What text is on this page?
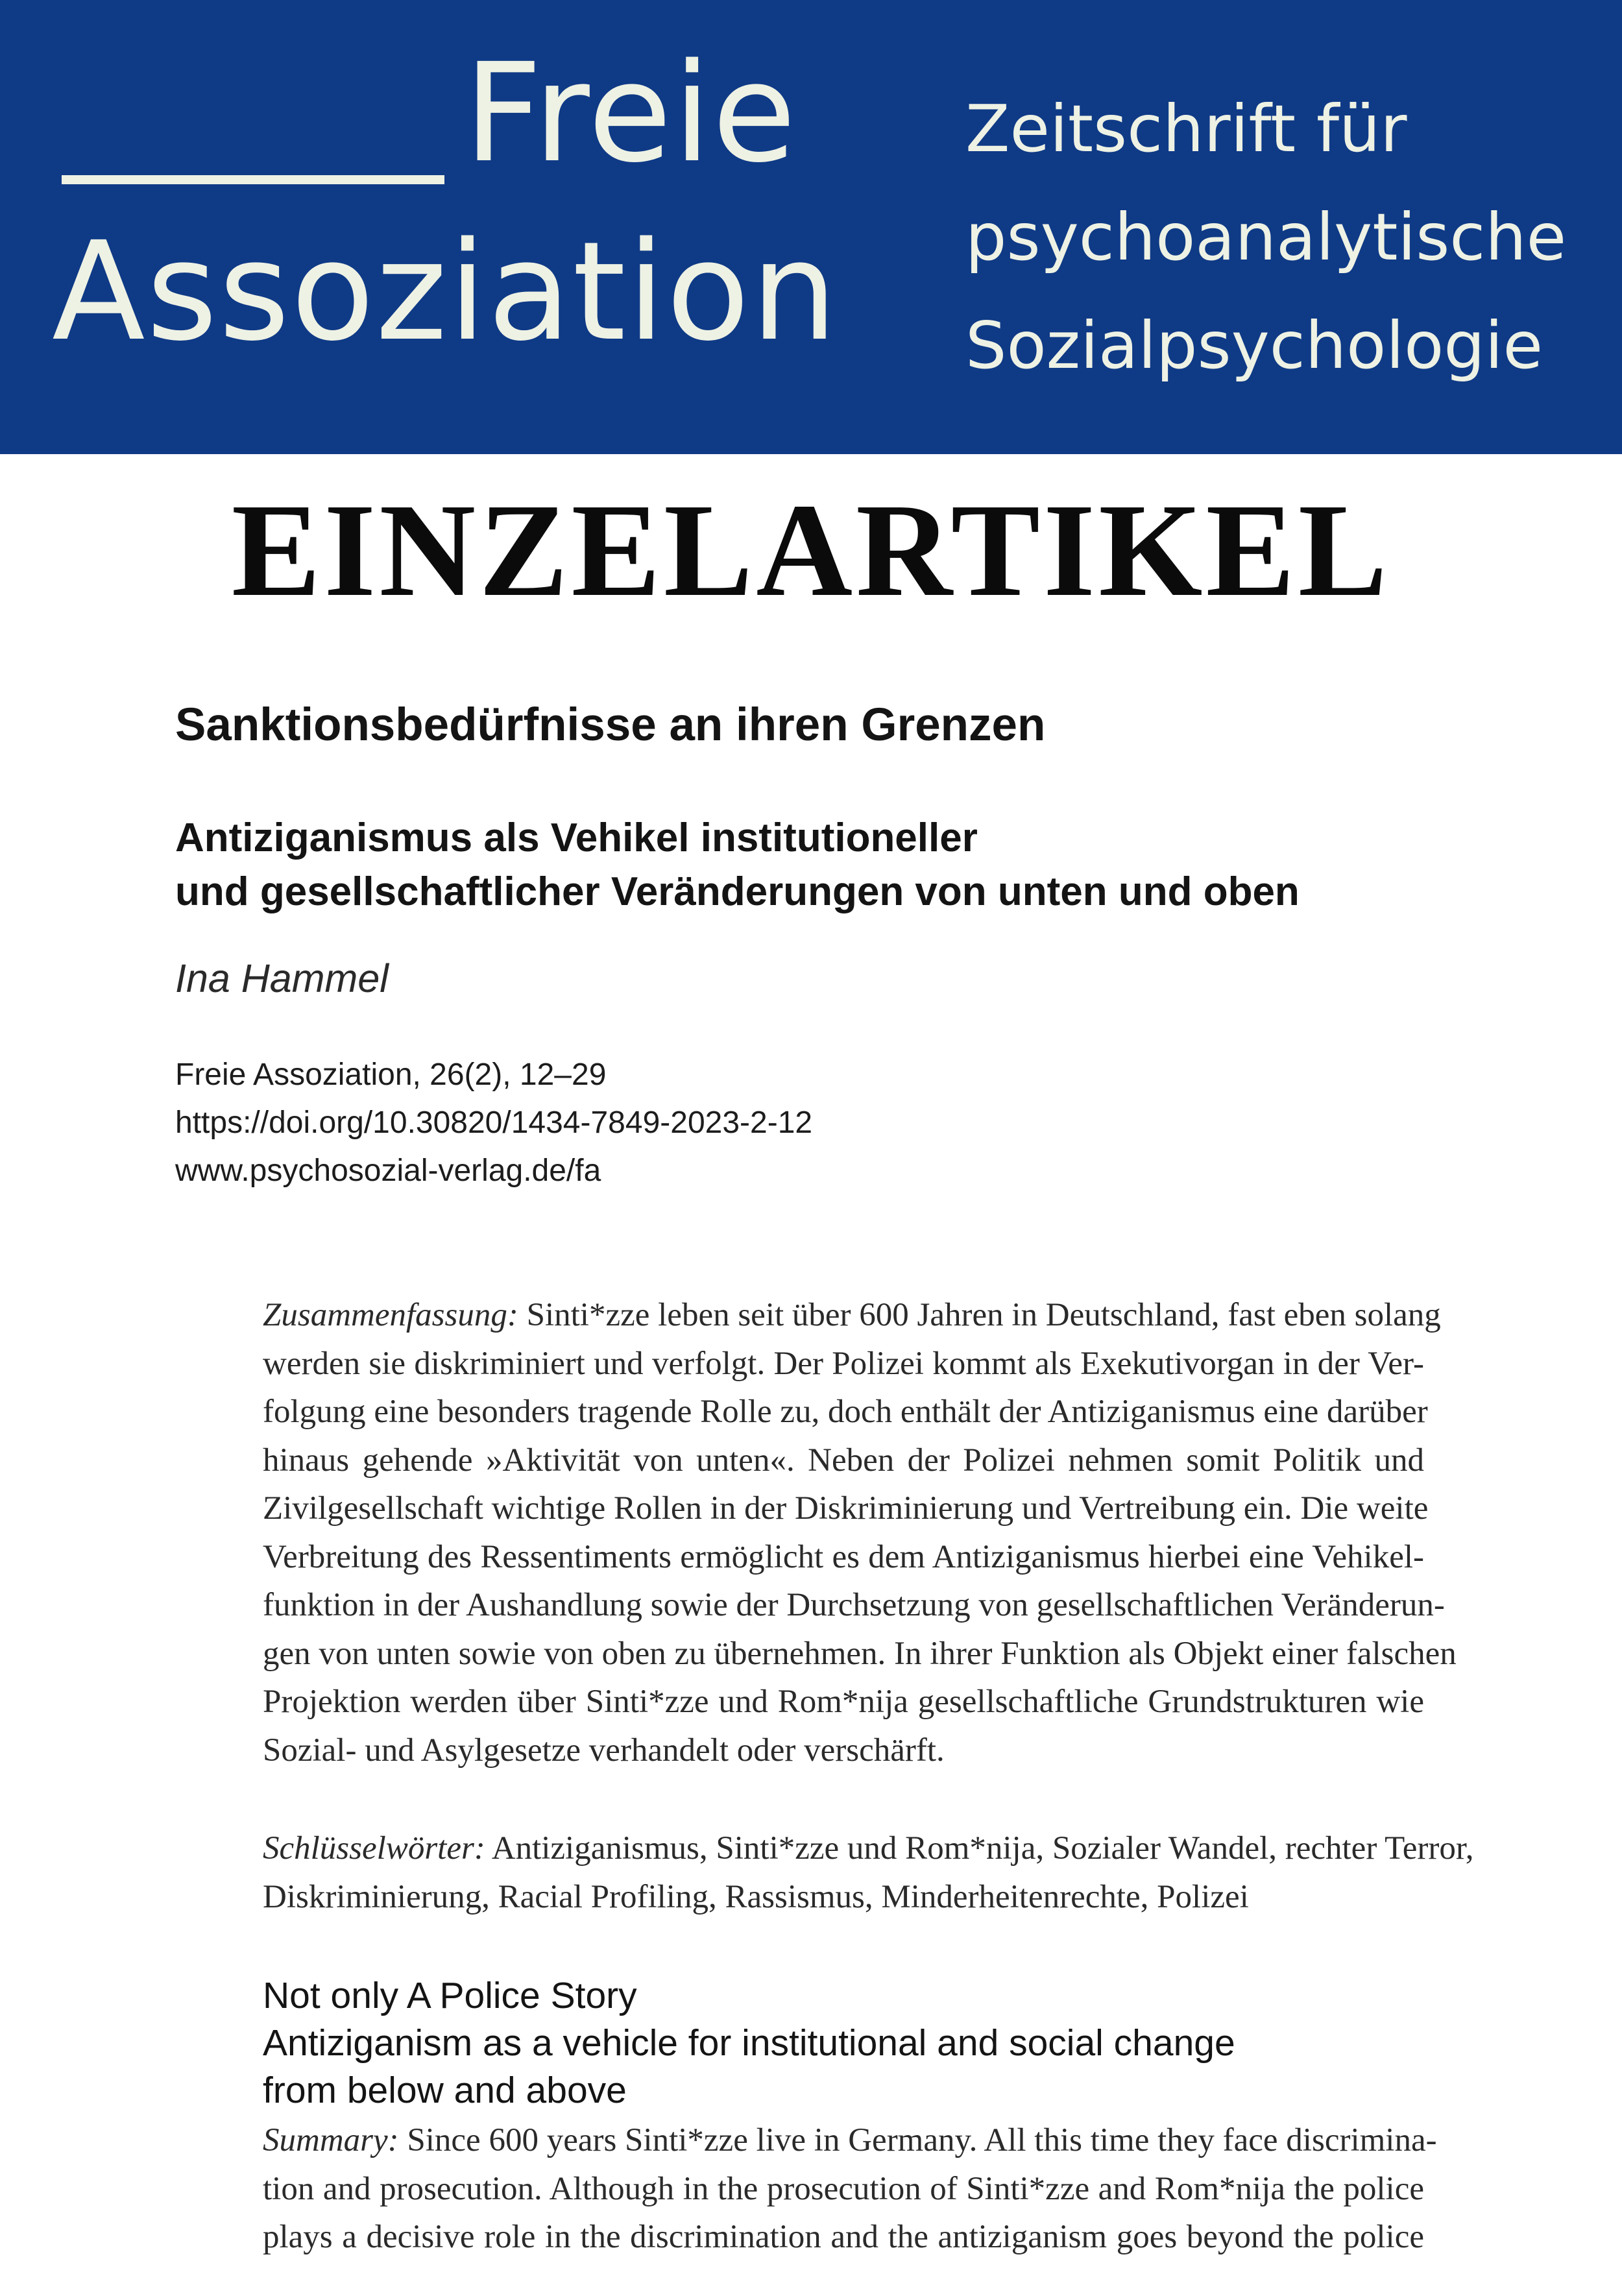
Freie
Assoziation
Zeitschrift für
psychoanalytische
Sozialpsychologie
EINZELARTIKEL
Sanktionsbedürfnisse an ihren Grenzen
Antiziganismus als Vehikel institutioneller
und gesellschaftlicher Veränderungen von unten und oben
Ina Hammel
Freie Assoziation, 26(2), 12–29
https://doi.org/10.30820/1434-7849-2023-2-12
www.psychosozial-verlag.de/fa
Zusammenfassung: Sinti*zze leben seit über 600 Jahren in Deutschland, fast eben solang
werden sie diskriminiert und verfolgt. Der Polizei kommt als Exekutivorgan in der Ver-
folgung eine besonders tragende Rolle zu, doch enthält der Antiziganismus eine darüber
hinaus gehende »Aktivität von unten«. Neben der Polizei nehmen somit Politik und
Zivilgesellschaft wichtige Rollen in der Diskriminierung und Vertreibung ein. Die weite
Verbreitung des Ressentiments ermöglicht es dem Antiziganismus hierbei eine Vehikel-
funktion in der Aushandlung sowie der Durchsetzung von gesellschaftlichen Veränderun-
gen von unten sowie von oben zu übernehmen. In ihrer Funktion als Objekt einer falschen
Projektion werden über Sinti*zze und Rom*nija gesellschaftliche Grundstrukturen wie
Sozial- und Asylgesetze verhandelt oder verschärft.
Schlüsselwörter: Antiziganismus, Sinti*zze und Rom*nija, Sozialer Wandel, rechter Terror,
Diskriminierung, Racial Profiling, Rassismus, Minderheitenrechte, Polizei
Not only A Police Story
Antiziganism as a vehicle for institutional and social change
from below and above
Summary: Since 600 years Sinti*zze live in Germany. All this time they face discrimina-
tion and prosecution. Although in the prosecution of Sinti*zze and Rom*nija the police
plays a decisive role in the discrimination and the antiziganism goes beyond the police
